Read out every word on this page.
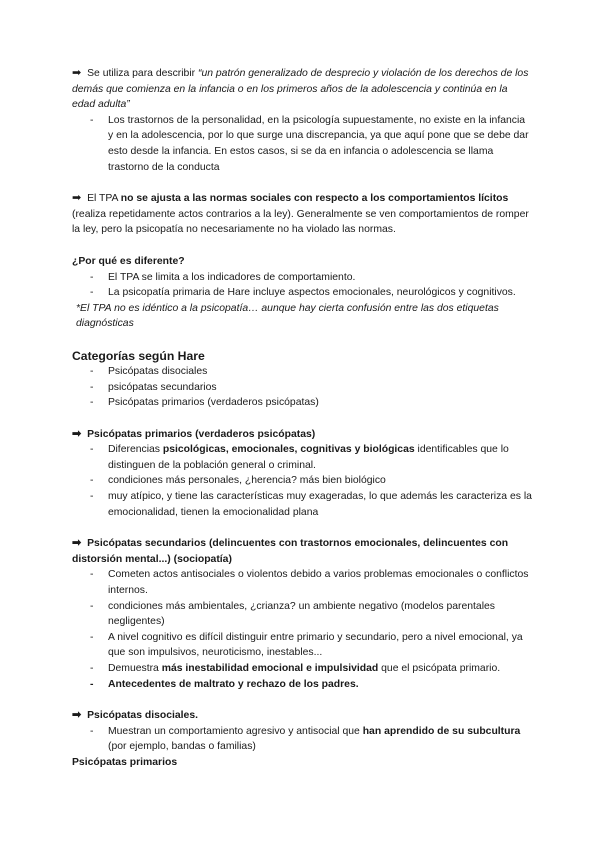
➡ Se utiliza para describir “un patrón generalizado de desprecio y violación de los derechos de los demás que comienza en la infancia o en los primeros años de la adolescencia y continúa en la edad adulta”

- Los trastornos de la personalidad, en la psicología supuestamente, no existe en la infancia y en la adolescencia, por lo que surge una discrepancia, ya que aquí pone que se debe dar esto desde la infancia. En estos casos, si se da en infancia o adolescencia se llama trastorno de la conducta

➡ El TPA no se ajusta a las normas sociales con respecto a los comportamientos lícitos (realiza repetidamente actos contrarios a la ley). Generalmente se ven comportamientos de romper la ley, pero la psicopatía no necesariamente no ha violado las normas.

¿Por qué es diferente?

- El TPA se limita a los indicadores de comportamiento.
- La psicopatía primaria de Hare incluye aspectos emocionales, neurológicos y cognitivos.

*El TPA no es idéntico a la psicopatía… aunque hay cierta confusión entre las dos etiquetas diagnósticas

Categorías según Hare

- Psicópatas disociales
- psicópatas secundarios
- Psicópatas primarios (verdaderos psicópatas)

➡ Psicópatas primarios (verdaderos psicópatas)

- Diferencias psicológicas, emocionales, cognitivas y biológicas identificables que lo distinguen de la población general o criminal.
- condiciones más personales, ¿herencia? más bien biológico
- muy atípico, y tiene las características muy exageradas, lo que además les caracteriza es la emocionalidad, tienen la emocionalidad plana

➡ Psicópatas secundarios (delincuentes con trastornos emocionales, delincuentes con distorsión mental...) (sociopatía)

- Cometen actos antisociales o violentos debido a varios problemas emocionales o conflictos internos.
- condiciones más ambientales, ¿crianza? un ambiente negativo (modelos parentales negligentes)
- A nivel cognitivo es difícil distinguir entre primario y secundario, pero a nivel emocional, ya que son impulsivos, neuroticismo, inestables...
- Demuestra más inestabilidad emocional e impulsividad que el psicópata primario.
- Antecedentes de maltrato y rechazo de los padres.

➡ Psicópatas disociales.

- Muestran un comportamiento agresivo y antisocial que han aprendido de su subcultura (por ejemplo, bandas o familias)

Psicópatas primarios
